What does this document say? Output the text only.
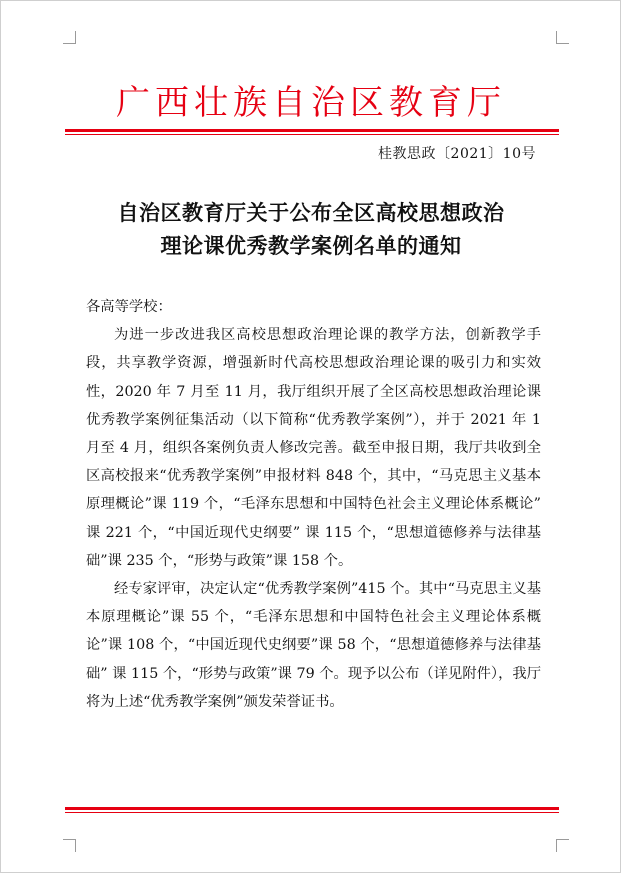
广西壮族自治区教育厅
桂教思政〔2021〕10号
自治区教育厅关于公布全区高校思想政治
理论课优秀教学案例名单的通知
各高等学校：

为进一步改进我区高校思想政治理论课的教学方法，创新教学手段，共享教学资源，增强新时代高校思想政治理论课的吸引力和实效性，2020 年 7 月至 11 月，我厅组织开展了全区高校思想政治理论课优秀教学案例征集活动（以下简称“优秀教学案例”），并于 2021 年 1 月至 4 月，组织各案例负责人修改完善。截至申报日期，我厅共收到全区高校报来“优秀教学案例”申报材料 848 个，其中，“马克思主义基本原理概论”课 119 个，“毛泽东思想和中国特色社会主义理论体系概论” 课 221 个，“中国近现代史纲要” 课 115 个，“思想道德修养与法律基础”课 235 个，“形势与政策”课 158 个。

经专家评审，决定认定“优秀教学案例”415 个。其中“马克思主义基本原理概论”课 55 个，“毛泽东思想和中国特色社会主义理论体系概论”课 108 个，“中国近现代史纲要”课 58 个，“思想道德修养与法律基础” 课 115 个，“形势与政策”课 79 个。现予以公布（详见附件），我厅将为上述“优秀教学案例”颁发荣誉证书。
